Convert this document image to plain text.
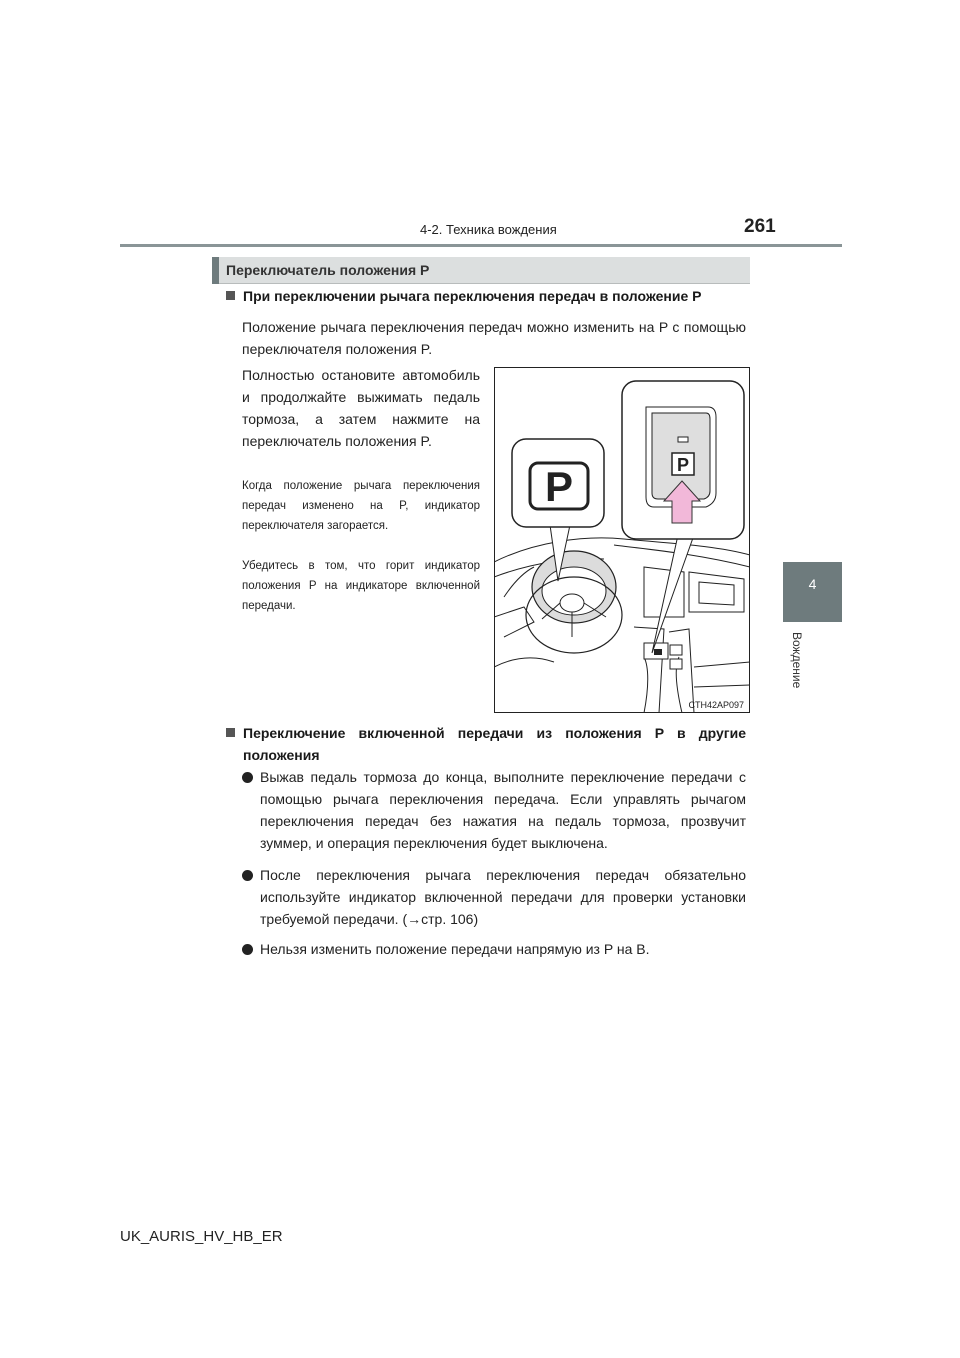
4-2. Техника вождения	261
4
Вождение
Переключатель положения P
При переключении рычага переключения передач в положение P
Положение рычага переключения передач можно изменить на P с помощью переключателя положения P.
Полностью остановите автомобиль и продолжайте выжимать педаль тормоза, а затем нажмите на переключатель положения P.
Когда положение рычага переключения передач изменено на P, индикатор переключателя загорается.
Убедитесь в том, что горит индикатор положения P на индикаторе включенной передачи.
P	P
CTH42AP097
Переключение включенной передачи из положения P в другие
положения
Выжав педаль тормоза до конца, выполните переключение передачи с помощью рычага переключения передача. Если управлять рычагом переключения передач без нажатия на педаль тормоза, прозвучит зуммер, и операция переключения будет выключена.
После переключения рычага переключения передач обязательно используйте индикатор включенной передачи для проверки установки требуемой передачи. (→стр. 106)
Нельзя изменить положение передачи напрямую из P на B.
UK_AURIS_HV_HB_ER
